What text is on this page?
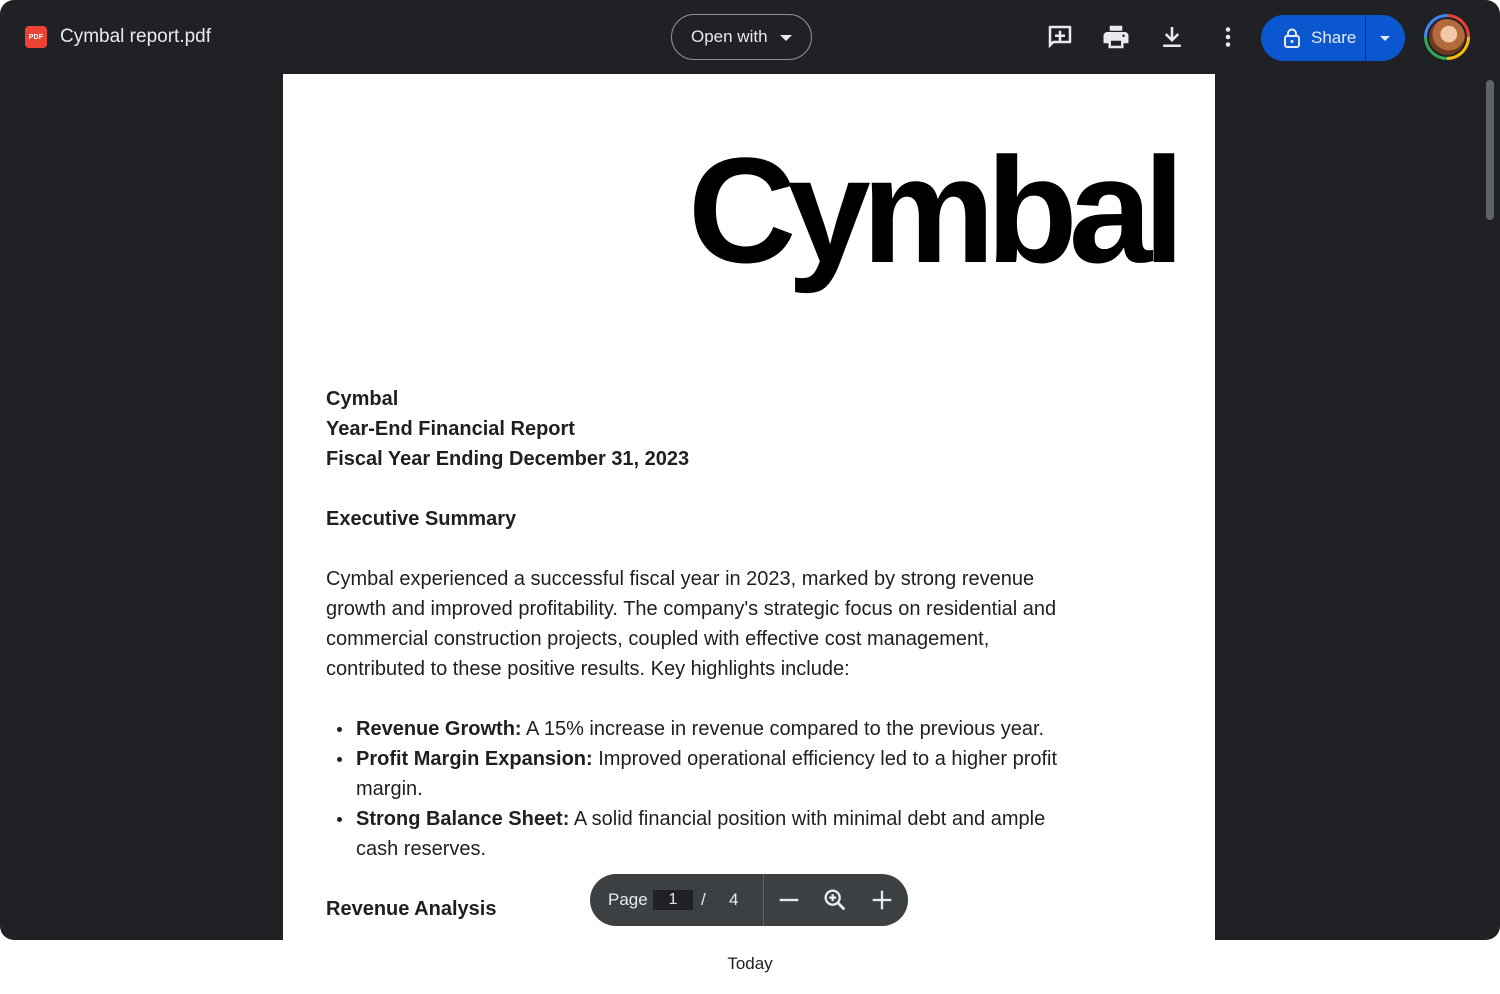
PDF Cymbal report.pdf	Open with	Share
Cymbal
Cymbal
Year-End Financial Report
Fiscal Year Ending December 31, 2023
Executive Summary

Cymbal experienced a successful fiscal year in 2023, marked by strong revenue growth and improved profitability. The company's strategic focus on residential and commercial construction projects, coupled with effective cost management, contributed to these positive results. Key highlights include:

Revenue Growth: A 15% increase in revenue compared to the previous year.
Profit Margin Expansion: Improved operational efficiency led to a higher profit margin.
Strong Balance Sheet: A solid financial position with minimal debt and ample cash reserves.
Revenue Analysis	Page
1	/ 4
Today
